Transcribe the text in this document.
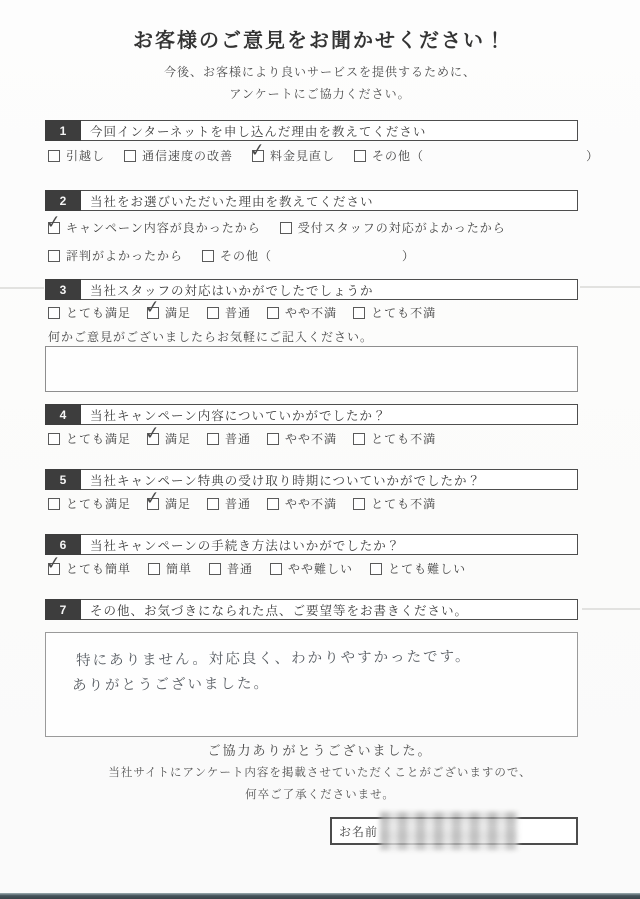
お客様のご意見をお聞かせください！
今後、お客様により良いサービスを提供するために、
アンケートにご協力ください。
1	今回インターネットを申し込んだ理由を教えてください
引越し	通信速度の改善 ✓	料金見直し	その他（	）
2	当社をお選びいただいた理由を教えてください
✓
キャンペーン内容が良かったから	受付スタッフの対応がよかったから
評判がよかったから	その他（	）
3	当社スタッフの対応はいかがでしたでしょうか
とても満足 ✓	満足	普通	やや不満	とても不満
何かご意見がございましたらお気軽にご記入ください。
4	当社キャンペーン内容についていかがでしたか？
とても満足 ✓	満足	普通	やや不満	とても不満
5	当社キャンペーン特典の受け取り時期についていかがでしたか？
とても満足 ✓	満足	普通	やや不満	とても不満
6	当社キャンペーンの手続き方法はいかがでしたか？
✓
とても簡単	簡単	普通	やや難しい	とても難しい
7	その他、お気づきになられた点、ご要望等をお書きください。
特にありません。対応良く、わかりやすかったです。
ありがとうございました。
ご協力ありがとうございました。
当社サイトにアンケート内容を掲載させていただくことがございますので、
何卒ご了承くださいませ。
お名前
